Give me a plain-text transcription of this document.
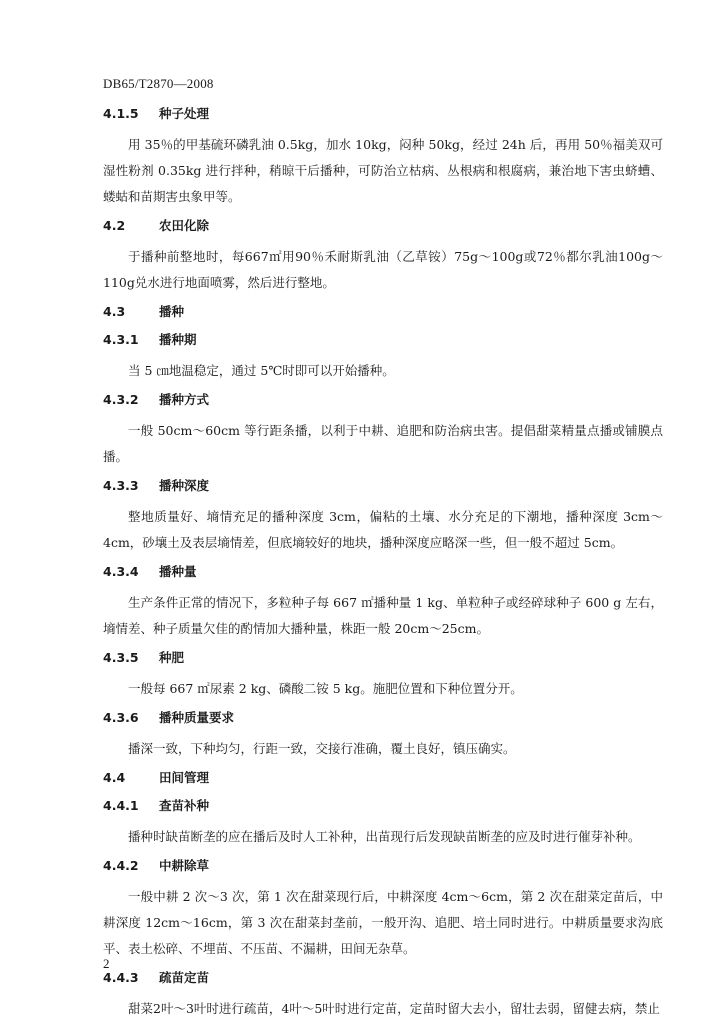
DB65/T2870—2008
4.1.5 种子处理

用 35％的甲基硫环磷乳油 0.5kg，加水 10kg，闷种 50kg，经过 24h 后，再用 50％福美双可湿性粉剂 0.35kg 进行拌种，稍晾干后播种，可防治立枯病、丛根病和根腐病，兼治地下害虫蛴螬、蝼蛄和苗期害虫象甲等。

4.2	农田化除

于播种前整地时，每667㎡用90％禾耐斯乳油（乙草铵）75g～100g或72％都尔乳油100g～110g兑水进行地面喷雾，然后进行整地。

4.3	播种
4.3.1 播种期

当 5 ㎝地温稳定，通过 5℃时即可以开始播种。

4.3.2 播种方式

一般 50cm～60cm 等行距条播，以利于中耕、追肥和防治病虫害。提倡甜菜精量点播或铺膜点播。

4.3.3 播种深度

整地质量好、墒情充足的播种深度 3cm，偏粘的土壤、水分充足的下潮地，播种深度 3cm～4cm，砂壤土及表层墒情差，但底墒较好的地块，播种深度应略深一些，但一般不超过 5cm。

4.3.4 播种量

生产条件正常的情况下，多粒种子每 667 ㎡播种量 1 kg、单粒种子或经碎球种子 600 g 左右，墒情差、种子质量欠佳的酌情加大播种量，株距一般 20cm～25cm。

4.3.5 种肥

一般每 667 ㎡尿素 2 kg、磷酸二铵 5 kg。施肥位置和下种位置分开。

4.3.6 播种质量要求

播深一致，下种均匀，行距一致，交接行准确，覆土良好，镇压确实。

4.4	田间管理
4.4.1 查苗补种

播种时缺苗断垄的应在播后及时人工补种，出苗现行后发现缺苗断垄的应及时进行催芽补种。

4.4.2 中耕除草

一般中耕 2 次～3 次，第 1 次在甜菜现行后，中耕深度 4cm～6cm，第 2 次在甜菜定苗后，中耕深度 12cm～16cm，第 3 次在甜菜封垄前，一般开沟、追肥、培土同时进行。中耕质量要求沟底平、表土松碎、不埋苗、不压苗、不漏耕，田间无杂草。

4.4.3 疏苗定苗

甜菜2叶～3叶时进行疏苗，4叶～5叶时进行定苗，定苗时留大去小，留壮去弱，留健去病，禁止

2
